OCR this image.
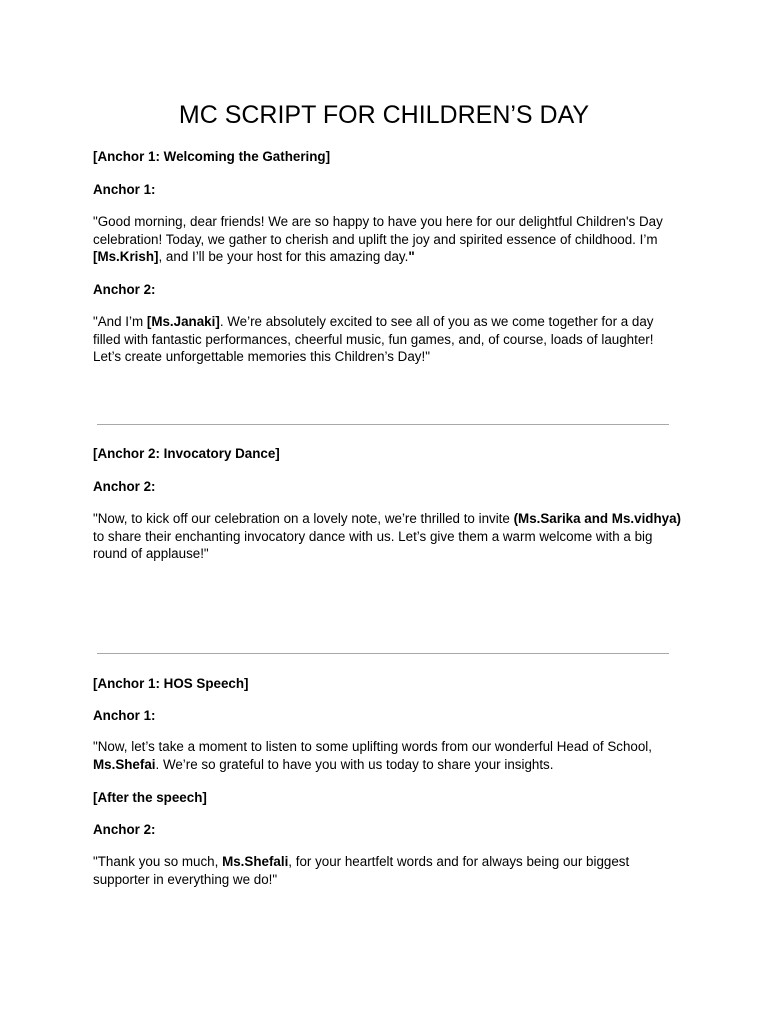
MC SCRIPT FOR CHILDREN’S DAY

[Anchor 1: Welcoming the Gathering]

Anchor 1:

"Good morning, dear friends! We are so happy to have you here for our delightful Children's Day celebration! Today, we gather to cherish and uplift the joy and spirited essence of childhood. I’m [Ms.Krish], and I’ll be your host for this amazing day."

Anchor 2:

"And I’m [Ms.Janaki]. We’re absolutely excited to see all of you as we come together for a day filled with fantastic performances, cheerful music, fun games, and, of course, loads of laughter! Let’s create unforgettable memories this Children’s Day!"

[Anchor 2: Invocatory Dance]

Anchor 2:

"Now, to kick off our celebration on a lovely note, we’re thrilled to invite (Ms.Sarika and Ms.vidhya) to share their enchanting invocatory dance with us. Let’s give them a warm welcome with a big round of applause!"

[Anchor 1: HOS Speech]

Anchor 1:

"Now, let’s take a moment to listen to some uplifting words from our wonderful Head of School, Ms.Shefai. We’re so grateful to have you with us today to share your insights.

[After the speech]

Anchor 2:

"Thank you so much, Ms.Shefali, for your heartfelt words and for always being our biggest supporter in everything we do!"
